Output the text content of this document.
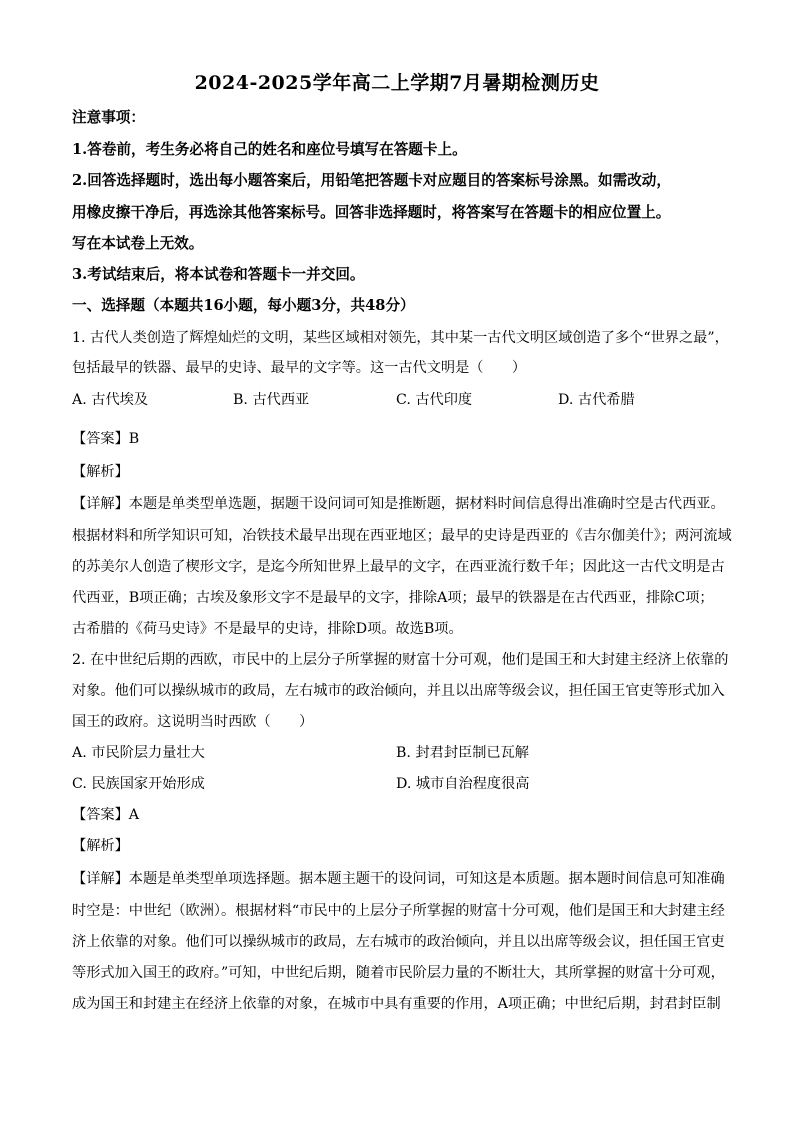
2024-2025学年高二上学期7月暑期检测历史
注意事项：
1.答卷前，考生务必将自己的姓名和座位号填写在答题卡上。
2.回答选择题时，选出每小题答案后，用铅笔把答题卡对应题目的答案标号涂黑。如需改动，
用橡皮擦干净后，再选涂其他答案标号。回答非选择题时，将答案写在答题卡的相应位置上。
写在本试卷上无效。
3.考试结束后，将本试卷和答题卡一并交回。
一、选择题（本题共16小题，每小题3分，共48分）
1. 古代人类创造了辉煌灿烂的文明，某些区域相对领先，其中某一古代文明区域创造了多个“世界之最”，
包括最早的铁器、最早的史诗、最早的文字等。这一古代文明是（　　）
A. 古代埃及	B. 古代西亚	C. 古代印度	D. 古代希腊
【答案】B
【解析】
【详解】本题是单类型单选题，据题干设问词可知是推断题，据材料时间信息得出准确时空是古代西亚。
根据材料和所学知识可知，冶铁技术最早出现在西亚地区；最早的史诗是西亚的《吉尔伽美什》；两河流域
的苏美尔人创造了楔形文字，是迄今所知世界上最早的文字，在西亚流行数千年；因此这一古代文明是古
代西亚，B项正确；古埃及象形文字不是最早的文字，排除A项；最早的铁器是在古代西亚，排除C项；
古希腊的《荷马史诗》不是最早的史诗，排除D项。故选B项。
2. 在中世纪后期的西欧，市民中的上层分子所掌握的财富十分可观，他们是国王和大封建主经济上依靠的
对象。他们可以操纵城市的政局，左右城市的政治倾向，并且以出席等级会议，担任国王官吏等形式加入
国王的政府。这说明当时西欧（　　）
A. 市民阶层力量壮大	B. 封君封臣制已瓦解
C. 民族国家开始形成	D. 城市自治程度很高
【答案】A
【解析】
【详解】本题是单类型单项选择题。据本题主题干的设问词，可知这是本质题。据本题时间信息可知准确
时空是：中世纪（欧洲）。根据材料“市民中的上层分子所掌握的财富十分可观，他们是国王和大封建主经
济上依靠的对象。他们可以操纵城市的政局，左右城市的政治倾向，并且以出席等级会议，担任国王官吏
等形式加入国王的政府。”可知，中世纪后期，随着市民阶层力量的不断壮大，其所掌握的财富十分可观，
成为国王和封建主在经济上依靠的对象，在城市中具有重要的作用，A项正确；中世纪后期，封君封臣制
